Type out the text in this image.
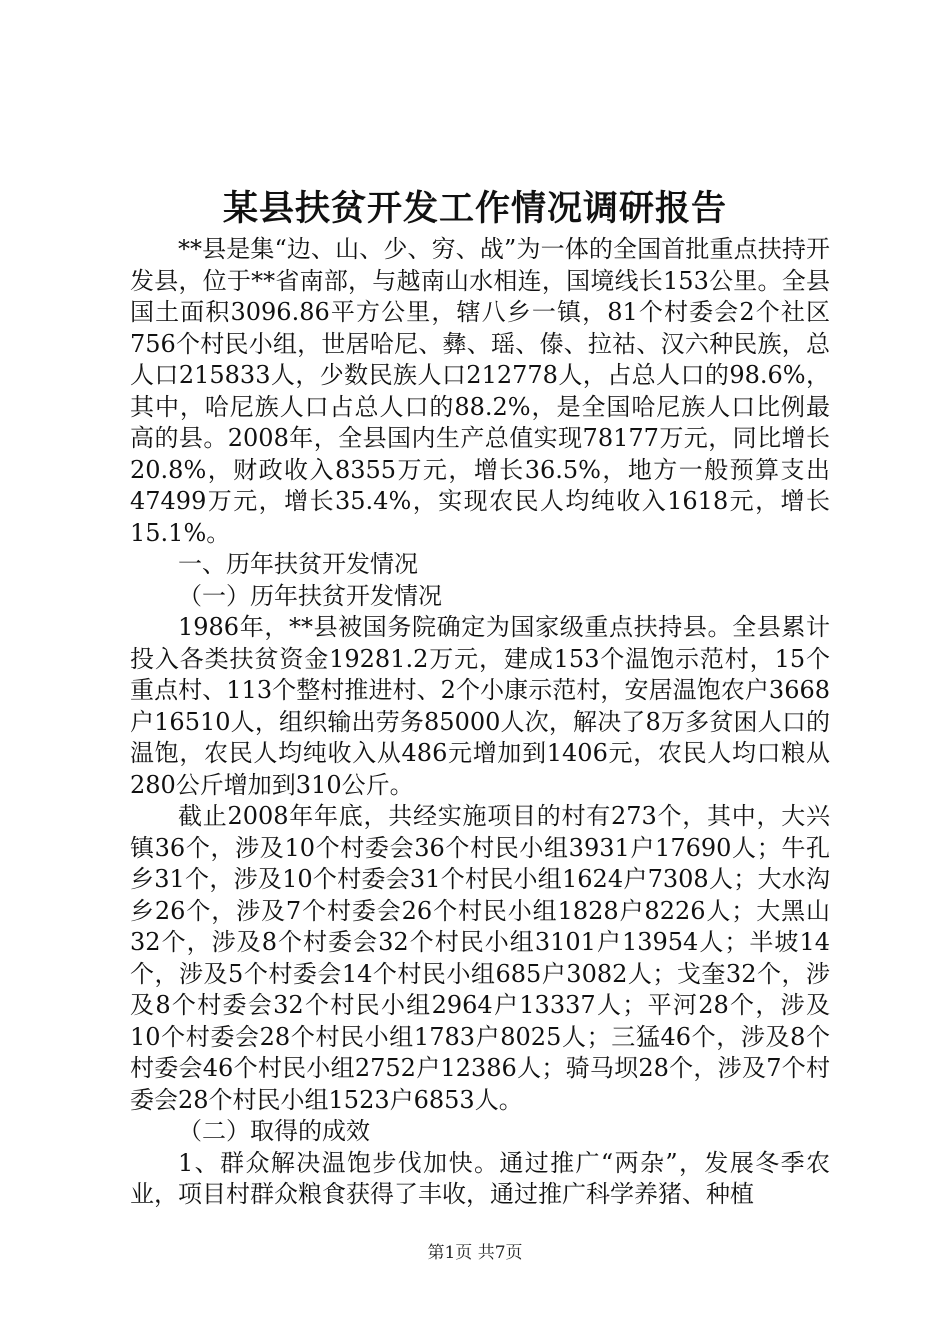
某县扶贫开发工作情况调研报告

**县是集“边、山、少、穷、战”为一体的全国首批重点扶持开发县，位于**省南部，与越南山水相连，国境线长153公里。全县国土面积3096.86平方公里，辖八乡一镇，81个村委会2个社区756个村民小组，世居哈尼、彝、瑶、傣、拉祜、汉六种民族，总人口215833人，少数民族人口212778人，占总人口的98.6%，其中，哈尼族人口占总人口的88.2%，是全国哈尼族人口比例最高的县。2008年，全县国内生产总值实现78177万元，同比增长20.8%，财政收入8355万元，增长36.5%，地方一般预算支出47499万元，增长35.4%，实现农民人均纯收入1618元，增长15.1%。

一、历年扶贫开发情况

（一）历年扶贫开发情况

1986年，**县被国务院确定为国家级重点扶持县。全县累计投入各类扶贫资金19281.2万元，建成153个温饱示范村，15个重点村、113个整村推进村、2个小康示范村，安居温饱农户3668户16510人，组织输出劳务85000人次，解决了8万多贫困人口的温饱，农民人均纯收入从486元增加到1406元，农民人均口粮从280公斤增加到310公斤。

截止2008年年底，共经实施项目的村有273个，其中，大兴镇36个，涉及10个村委会36个村民小组3931户17690人；牛孔乡31个，涉及10个村委会31个村民小组1624户7308人；大水沟乡26个，涉及7个村委会26个村民小组1828户8226人；大黑山32个，涉及8个村委会32个村民小组3101户13954人；半坡14个，涉及5个村委会14个村民小组685户3082人；戈奎32个，涉及8个村委会32个村民小组2964户13337人；平河28个，涉及10个村委会28个村民小组1783户8025人；三猛46个，涉及8个村委会46个村民小组2752户12386人；骑马坝28个，涉及7个村委会28个村民小组1523户6853人。

（二）取得的成效

1、群众解决温饱步伐加快。通过推广“两杂”，发展冬季农业，项目村群众粮食获得了丰收，通过推广科学养猪、种植

第1页 共7页
